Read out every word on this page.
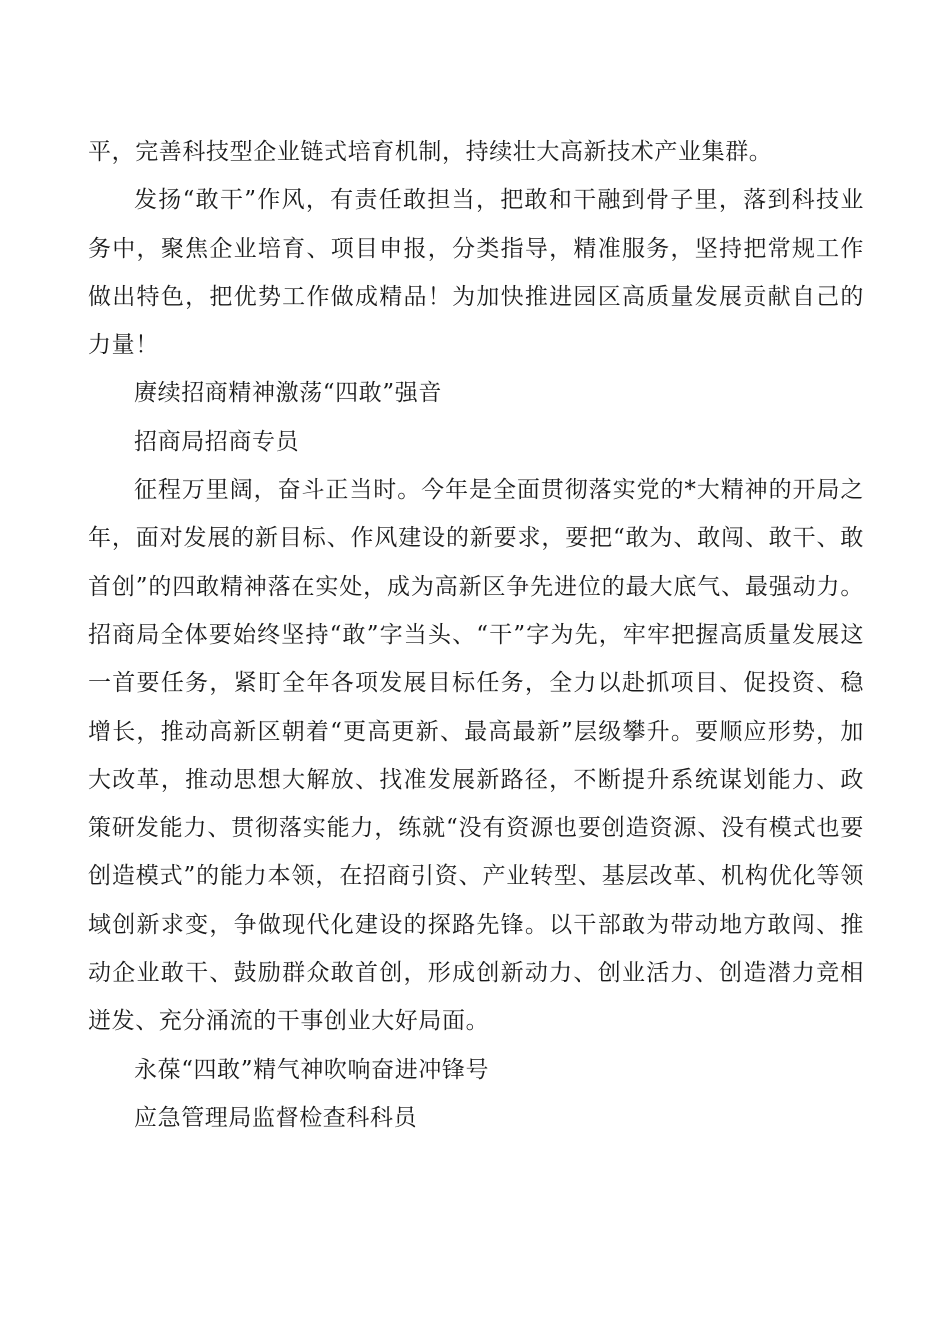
平，完善科技型企业链式培育机制，持续壮大高新技术产业集群。

发扬“敢干”作风，有责任敢担当，把敢和干融到骨子里，落到科技业务中，聚焦企业培育、项目申报，分类指导，精准服务，坚持把常规工作做出特色，把优势工作做成精品！为加快推进园区高质量发展贡献自己的力量！

赓续招商精神激荡“四敢”强音

招商局招商专员

征程万里阔，奋斗正当时。今年是全面贯彻落实党的*大精神的开局之年，面对发展的新目标、作风建设的新要求，要把“敢为、敢闯、敢干、敢首创”的四敢精神落在实处，成为高新区争先进位的最大底气、最强动力。招商局全体要始终坚持“敢”字当头、“干”字为先，牢牢把握高质量发展这一首要任务，紧盯全年各项发展目标任务，全力以赴抓项目、促投资、稳增长，推动高新区朝着“更高更新、最高最新”层级攀升。要顺应形势，加大改革，推动思想大解放、找准发展新路径，不断提升系统谋划能力、政策研发能力、贯彻落实能力，练就“没有资源也要创造资源、没有模式也要创造模式”的能力本领，在招商引资、产业转型、基层改革、机构优化等领域创新求变，争做现代化建设的探路先锋。以干部敢为带动地方敢闯、推动企业敢干、鼓励群众敢首创，形成创新动力、创业活力、创造潜力竞相迸发、充分涌流的干事创业大好局面。

永葆“四敢”精气神吹响奋进冲锋号

应急管理局监督检查科科员
